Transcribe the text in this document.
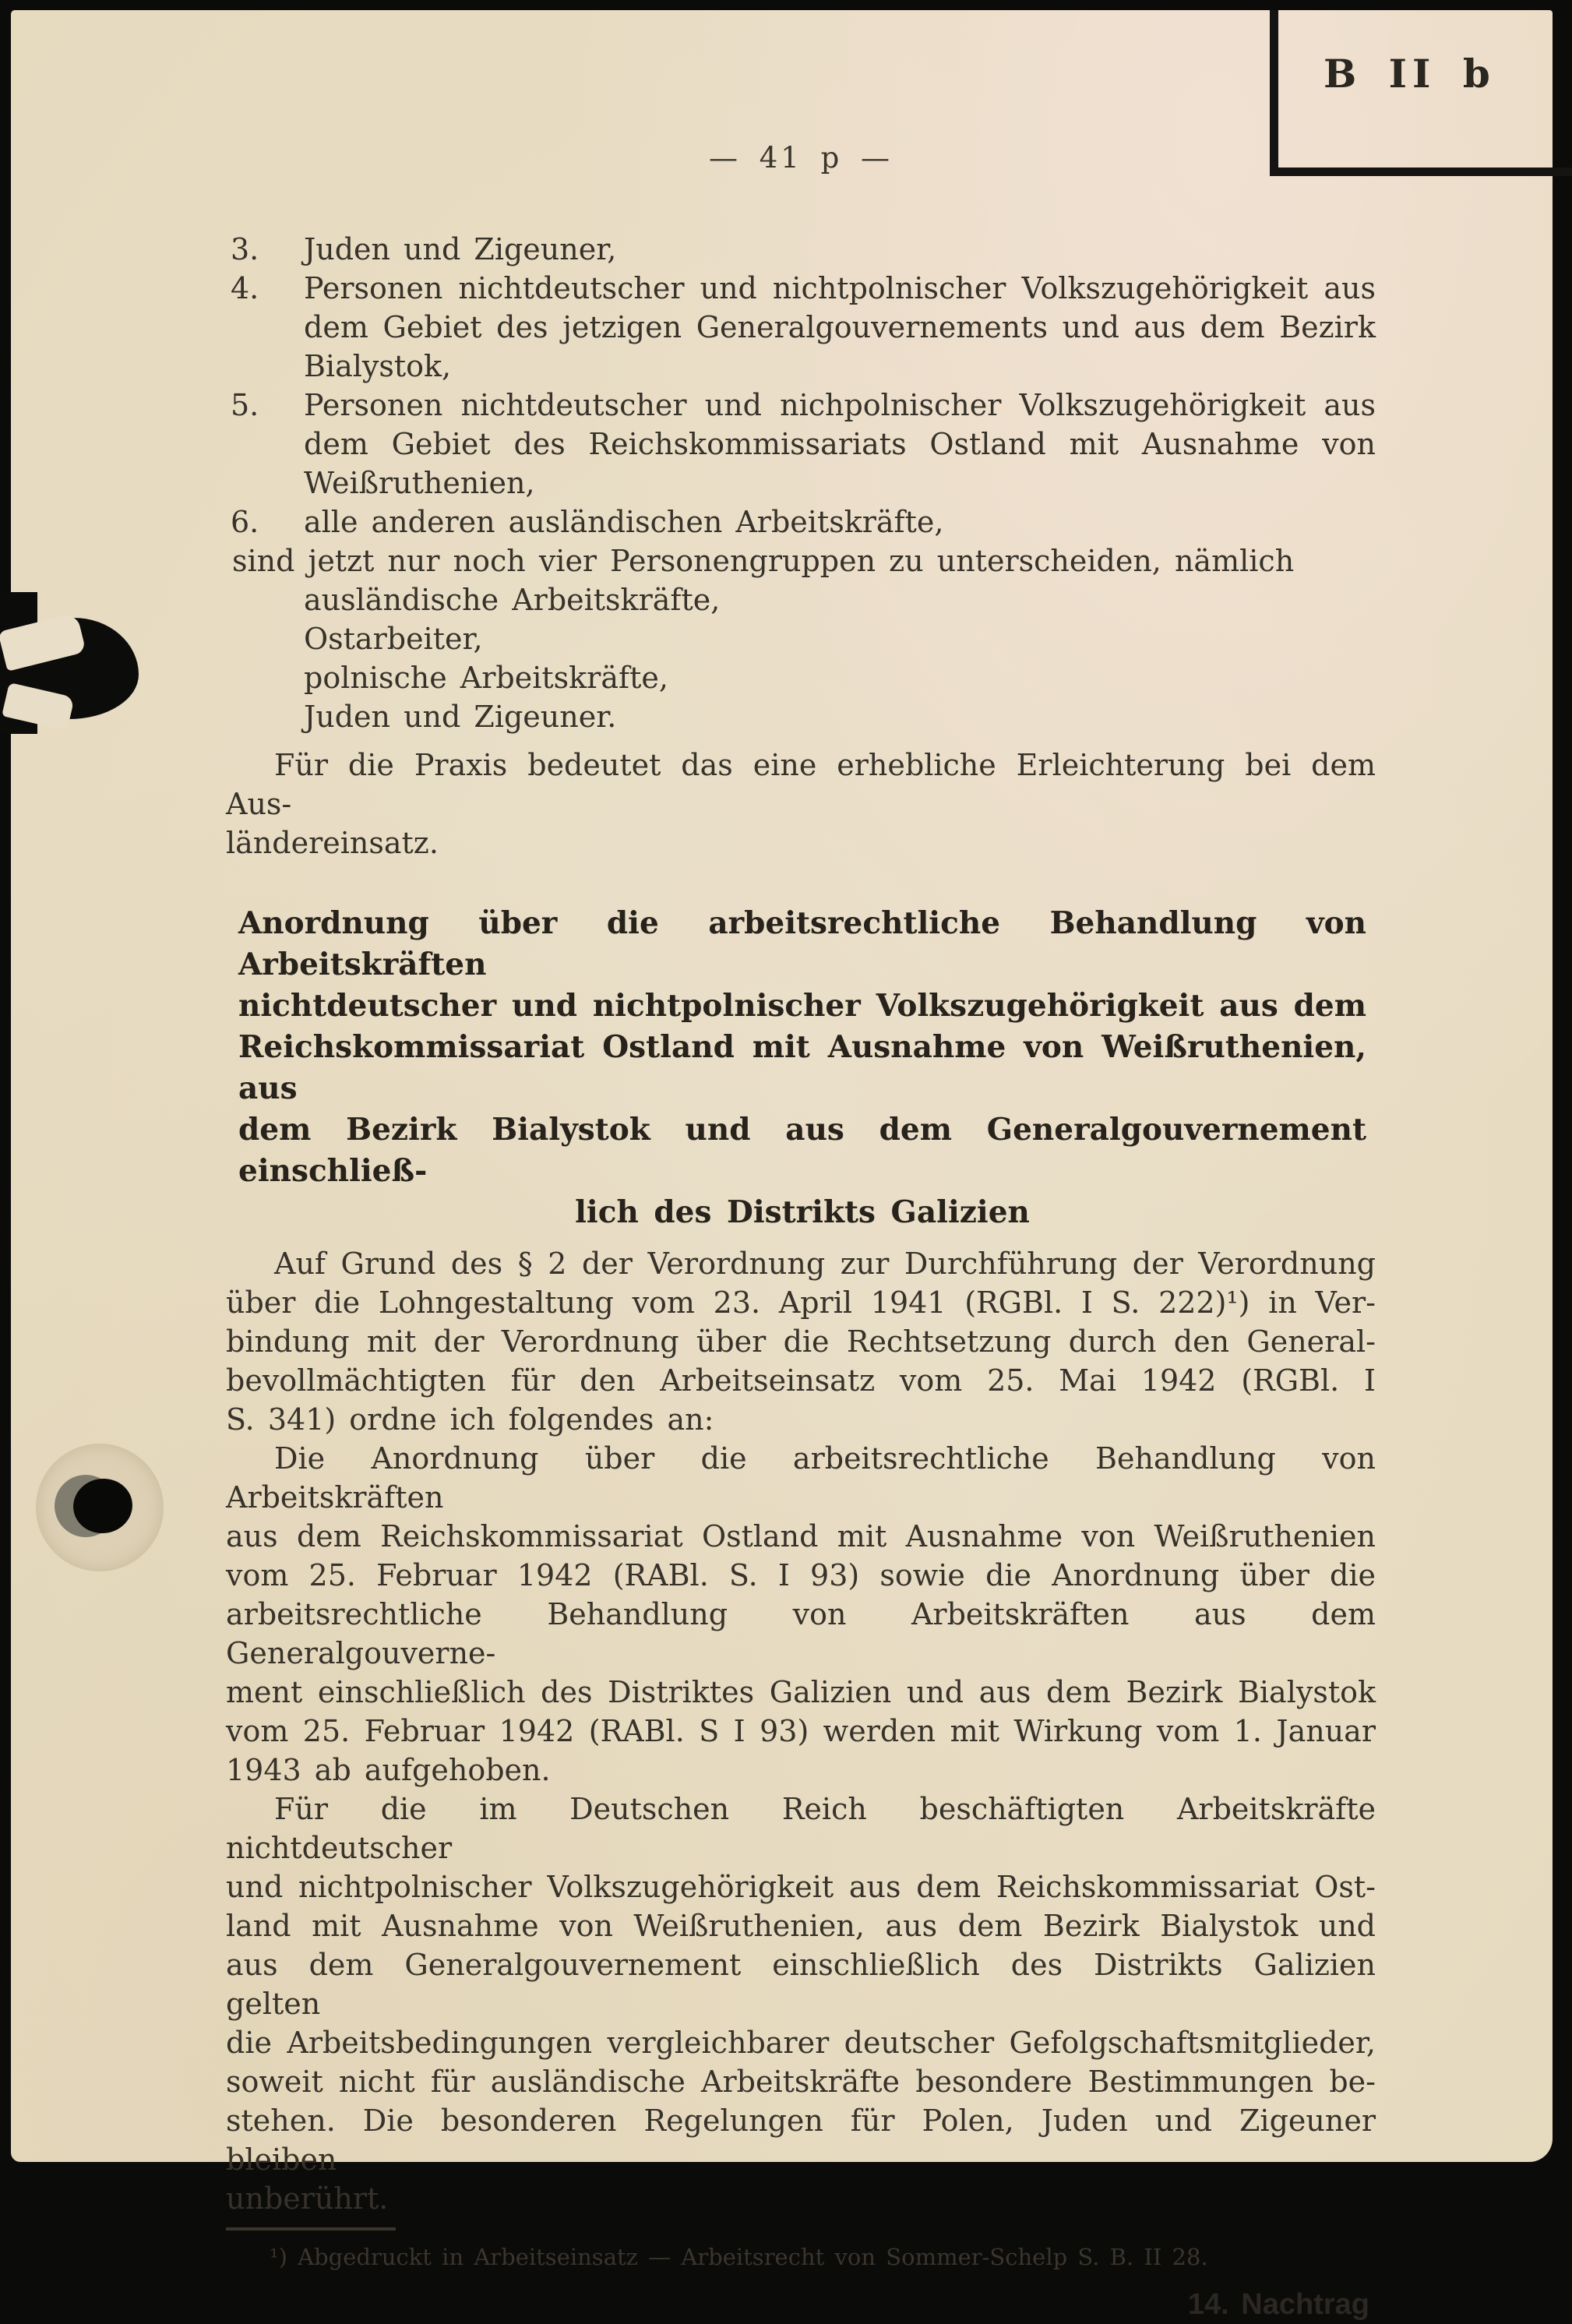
B II b
— 41 p —
3. Juden und Zigeuner,
4. Personen nichtdeutscher und nichtpolnischer Volkszugehörigkeit aus
dem Gebiet des jetzigen Generalgouvernements und aus dem Bezirk
Bialystok,
5. Personen nichtdeutscher und nichpolnischer Volkszugehörigkeit aus
dem Gebiet des Reichskommissariats Ostland mit Ausnahme von
Weißruthenien,
6. alle anderen ausländischen Arbeitskräfte,
sind jetzt nur noch vier Personengruppen zu unterscheiden, nämlich
ausländische Arbeitskräfte,
Ostarbeiter,
polnische Arbeitskräfte,
Juden und Zigeuner.
Für die Praxis bedeutet das eine erhebliche Erleichterung bei dem Aus-
ländereinsatz.
Anordnung über die arbeitsrechtliche Behandlung von Arbeitskräften
nichtdeutscher und nichtpolnischer Volkszugehörigkeit aus dem
Reichskommissariat Ostland mit Ausnahme von Weißruthenien, aus
dem Bezirk Bialystok und aus dem Generalgouvernement einschließ-
lich des Distrikts Galizien
Auf Grund des § 2 der Verordnung zur Durchführung der Verordnung
über die Lohngestaltung vom 23. April 1941 (RGBl. I S. 222)¹) in Ver-
bindung mit der Verordnung über die Rechtsetzung durch den General-
bevollmächtigten für den Arbeitseinsatz vom 25. Mai 1942 (RGBl. I
S. 341) ordne ich folgendes an:
Die Anordnung über die arbeitsrechtliche Behandlung von Arbeitskräften
aus dem Reichskommissariat Ostland mit Ausnahme von Weißruthenien
vom 25. Februar 1942 (RABl. S. I 93) sowie die Anordnung über die
arbeitsrechtliche Behandlung von Arbeitskräften aus dem Generalgouverne-
ment einschließlich des Distriktes Galizien und aus dem Bezirk Bialystok
vom 25. Februar 1942 (RABl. S I 93) werden mit Wirkung vom 1. Januar
1943 ab aufgehoben.
Für die im Deutschen Reich beschäftigten Arbeitskräfte nichtdeutscher
und nichtpolnischer Volkszugehörigkeit aus dem Reichskommissariat Ost-
land mit Ausnahme von Weißruthenien, aus dem Bezirk Bialystok und
aus dem Generalgouvernement einschließlich des Distrikts Galizien gelten
die Arbeitsbedingungen vergleichbarer deutscher Gefolgschaftsmitglieder,
soweit nicht für ausländische Arbeitskräfte besondere Bestimmungen be-
stehen. Die besonderen Regelungen für Polen, Juden und Zigeuner bleiben
unberührt.
¹) Abgedruckt in Arbeitseinsatz — Arbeitsrecht von Sommer-Schelp S. B. II 28.
14. Nachtrag
